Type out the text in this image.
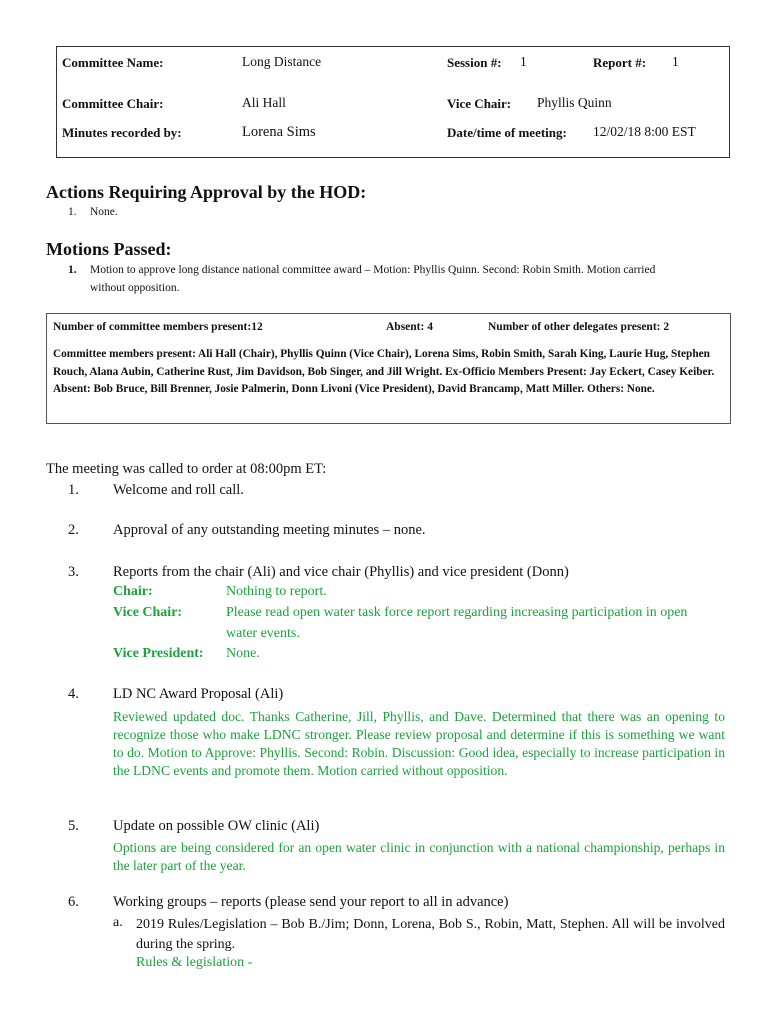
Committee Name:	Long Distance	Session #: 1	Report #: 1
Committee Chair:	Ali Hall	Vice Chair: Phyllis Quinn
Minutes recorded by:	Lorena Sims	Date/time of meeting: 12/02/18 8:00 EST
Actions Requiring Approval by the HOD:
1. None.
Motions Passed:
1. Motion to approve long distance national committee award – Motion: Phyllis Quinn. Second: Robin Smith. Motion carried
without opposition.
Number of committee members present:12	Absent: 4	Number of other delegates present: 2
Committee members present: Ali Hall (Chair), Phyllis Quinn (Vice Chair), Lorena Sims, Robin Smith, Sarah King, Laurie Hug, Stephen Rouch, Alana Aubin, Catherine Rust, Jim Davidson, Bob Singer, and Jill Wright. Ex-Officio Members Present: Jay Eckert, Casey Keiber. Absent: Bob Bruce, Bill Brenner, Josie Palmerin, Donn Livoni (Vice President), David Brancamp, Matt Miller. Others: None.
The meeting was called to order at 08:00pm ET:
1. Welcome and roll call.
2. Approval of any outstanding meeting minutes – none.
3. Reports from the chair (Ali) and vice chair (Phyllis) and vice president (Donn)
Chair:	Nothing to report.
Vice Chair:	Please read open water task force report regarding increasing participation in open
water events.
Vice President: None.
4. LD NC Award Proposal (Ali)
Reviewed updated doc. Thanks Catherine, Jill, Phyllis, and Dave. Determined that there was an opening to recognize those who make LDNC stronger. Please review proposal and determine if this is something we want to do. Motion to Approve: Phyllis. Second: Robin. Discussion: Good idea, especially to increase participation in the LDNC events and promote them. Motion carried without opposition.
5. Update on possible OW clinic (Ali)
Options are being considered for an open water clinic in conjunction with a national championship, perhaps in the later part of the year.
6. Working groups – reports (please send your report to all in advance)
a. 2019 Rules/Legislation – Bob B./Jim; Donn, Lorena, Bob S., Robin, Matt, Stephen. All will be involved during the spring.
Rules & legislation -
